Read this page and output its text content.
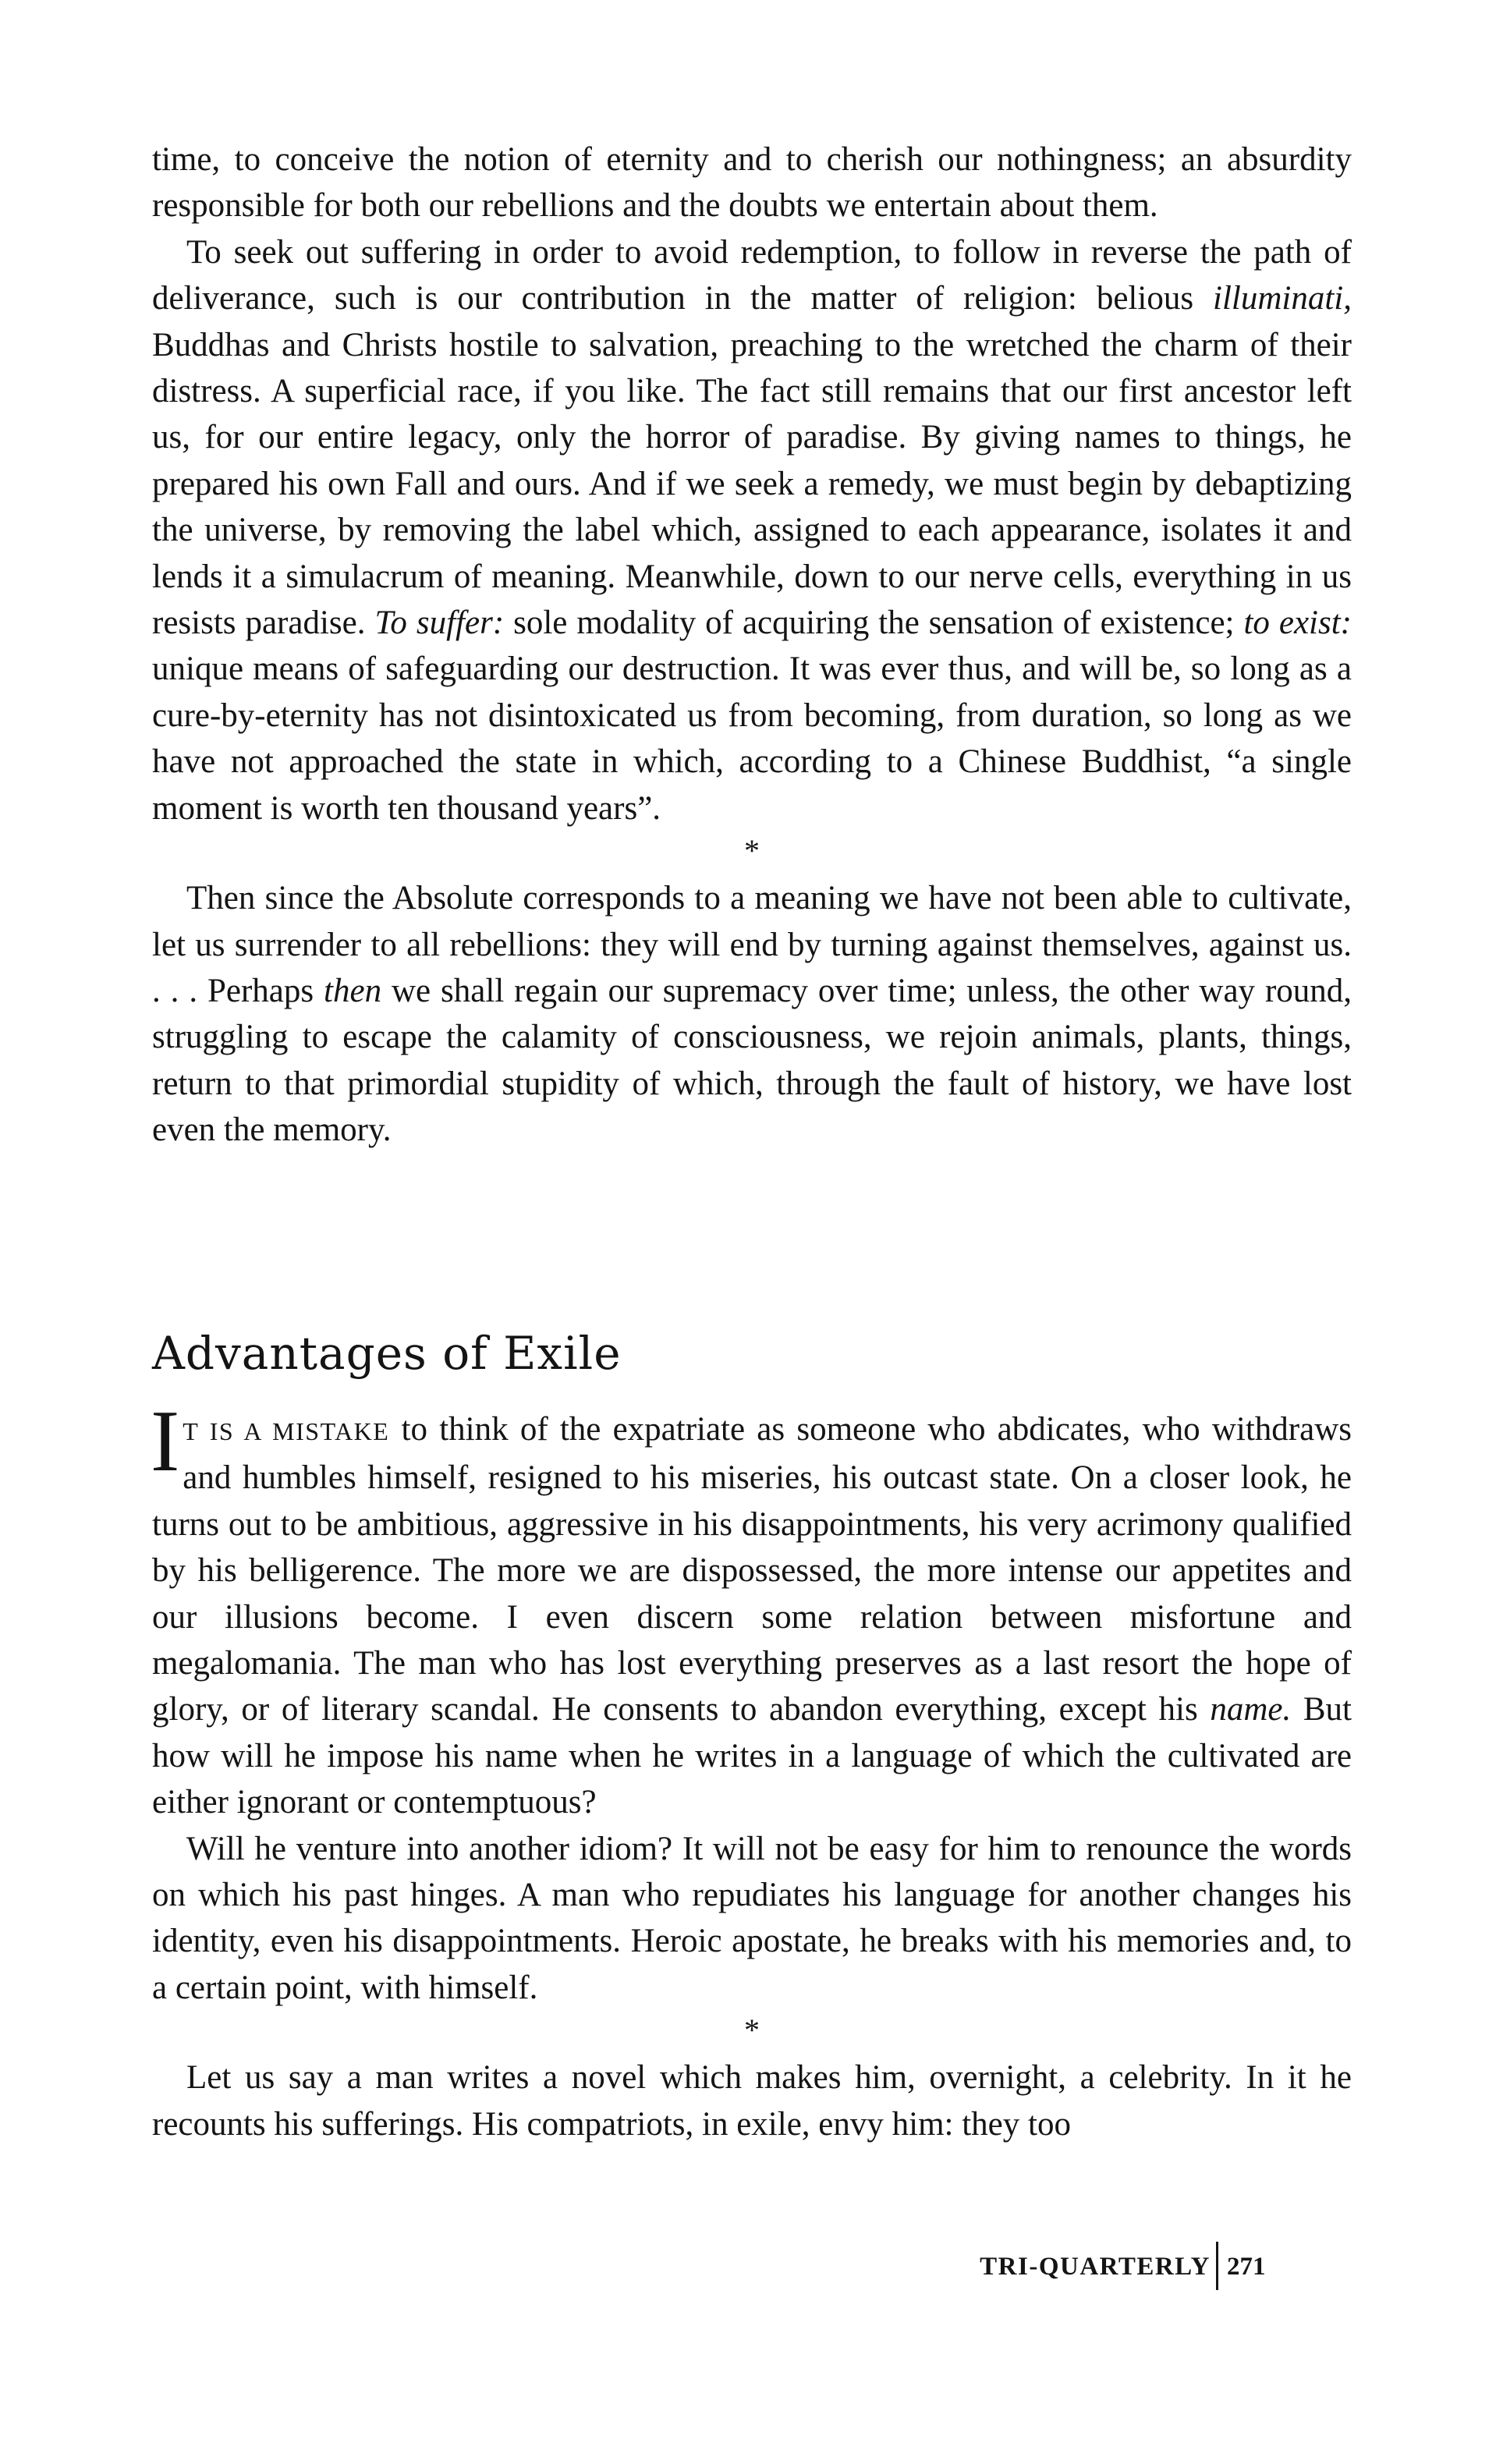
time, to conceive the notion of eternity and to cherish our nothingness; an absurdity responsible for both our rebellions and the doubts we entertain about them.

To seek out suffering in order to avoid redemption, to follow in reverse the path of deliverance, such is our contribution in the matter of religion: belious illuminati, Buddhas and Christs hostile to salvation, preaching to the wretched the charm of their distress. A superficial race, if you like. The fact still remains that our first ancestor left us, for our entire legacy, only the horror of paradise. By giving names to things, he prepared his own Fall and ours. And if we seek a remedy, we must begin by debaptizing the universe, by removing the label which, assigned to each appearance, isolates it and lends it a simulacrum of meaning. Meanwhile, down to our nerve cells, everything in us resists paradise. To suffer: sole modality of acquiring the sensation of existence; to exist: unique means of safeguarding our destruction. It was ever thus, and will be, so long as a cure-by-eternity has not disintoxicated us from becoming, from duration, so long as we have not approached the state in which, according to a Chinese Buddhist, “a single moment is worth ten thousand years”.

*

Then since the Absolute corresponds to a meaning we have not been able to cultivate, let us surrender to all rebellions: they will end by turning against themselves, against us. . . . Perhaps then we shall regain our supremacy over time; unless, the other way round, struggling to escape the calamity of consciousness, we rejoin animals, plants, things, return to that primordial stupidity of which, through the fault of history, we have lost even the memory.

Advantages of Exile

I T IS A MISTAKE to think of the expatriate as someone who abdicates, who withdraws and humbles himself, resigned to his miseries, his outcast state. On a closer look, he turns out to be ambitious, aggressive in his disappointments, his very acrimony qualified by his belligerence. The more we are dispossessed, the more intense our appetites and our illusions become. I even discern some relation between misfortune and megalomania. The man who has lost everything preserves as a last resort the hope of glory, or of literary scandal. He consents to abandon everything, except his name. But how will he impose his name when he writes in a language of which the cultivated are either ignorant or contemptuous?

Will he venture into another idiom? It will not be easy for him to renounce the words on which his past hinges. A man who repudiates his language for another changes his identity, even his disappointments. Heroic apostate, he breaks with his memories and, to a certain point, with himself.

*

Let us say a man writes a novel which makes him, overnight, a celebrity. In it he recounts his sufferings. His compatriots, in exile, envy him: they too

TRI-QUARTERLY 271
